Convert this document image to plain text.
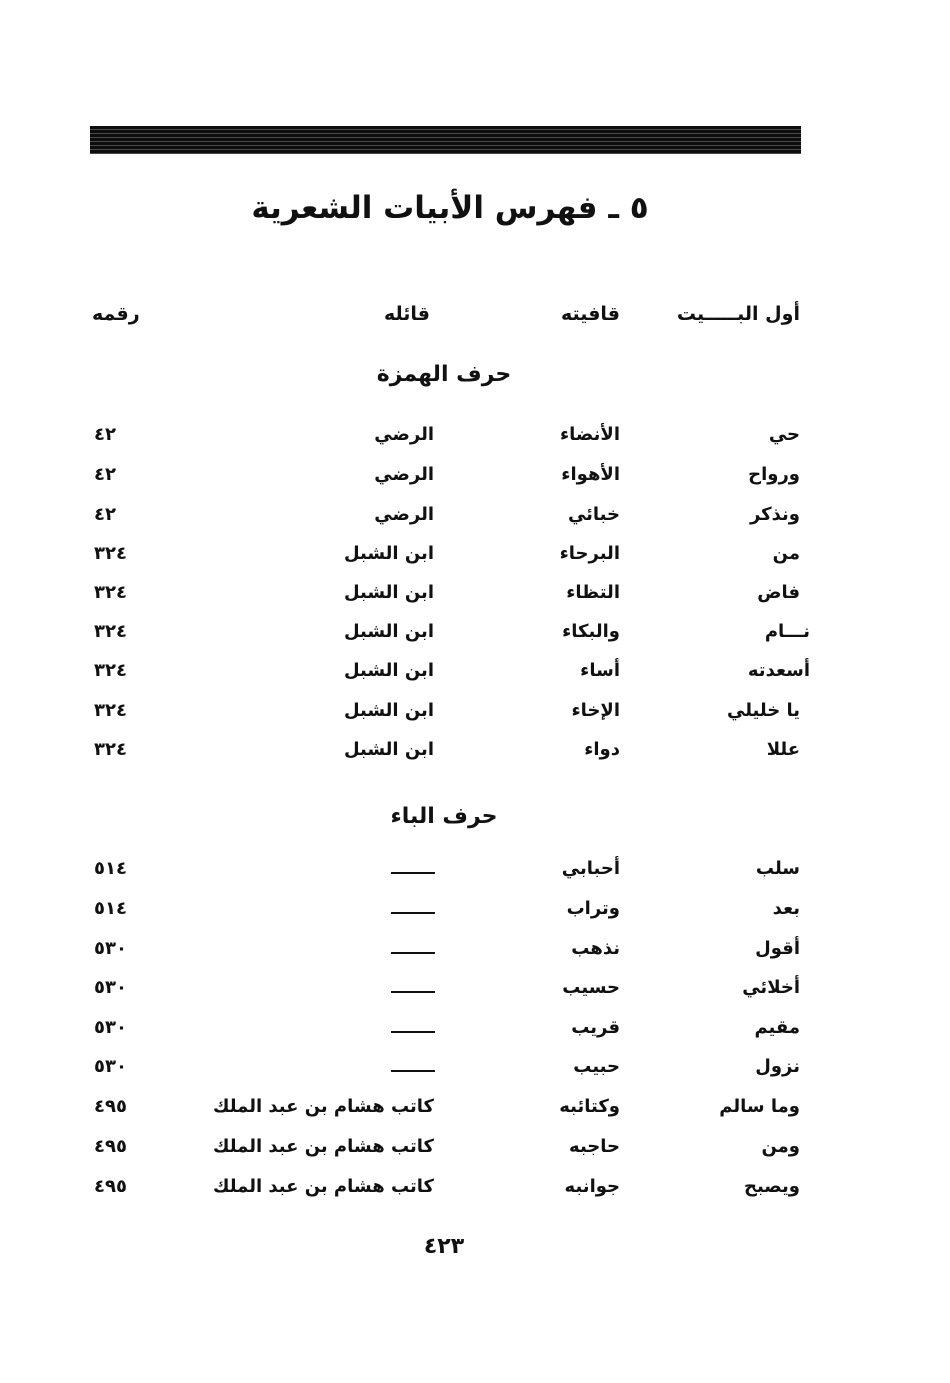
٥ ـ فهرس الأبيات الشعرية
أول البـــــيت
قافيته
قائله
رقمه
حرف الهمزة
حي
الأنضاء
الرضي
٤٢
ورواح
الأهواء
الرضي
٤٢
ونذكر
خبائي
الرضي
٤٢
من
البرحاء
ابن الشبل
٣٢٤
فاض
التظاء
ابن الشبل
٣٢٤
نـــام
والبكاء
ابن الشبل
٣٢٤
أسعدته
أساء
ابن الشبل
٣٢٤
يا خليلي
الإخاء
ابن الشبل
٣٢٤
عللا
دواء
ابن الشبل
٣٢٤
حرف الباء
سلب
أحبابي
٥١٤
بعد
وتراب
٥١٤
أقول
نذهب
٥٣٠
أخلائي
حسيب
٥٣٠
مقيم
قريب
٥٣٠
نزول
حبيب
٥٣٠
وما سالم
وكتائبه
كاتب هشام بن عبد الملك
٤٩٥
ومن
حاجبه
كاتب هشام بن عبد الملك
٤٩٥
ويصبح
جوانبه
كاتب هشام بن عبد الملك
٤٩٥
٤٢٣
